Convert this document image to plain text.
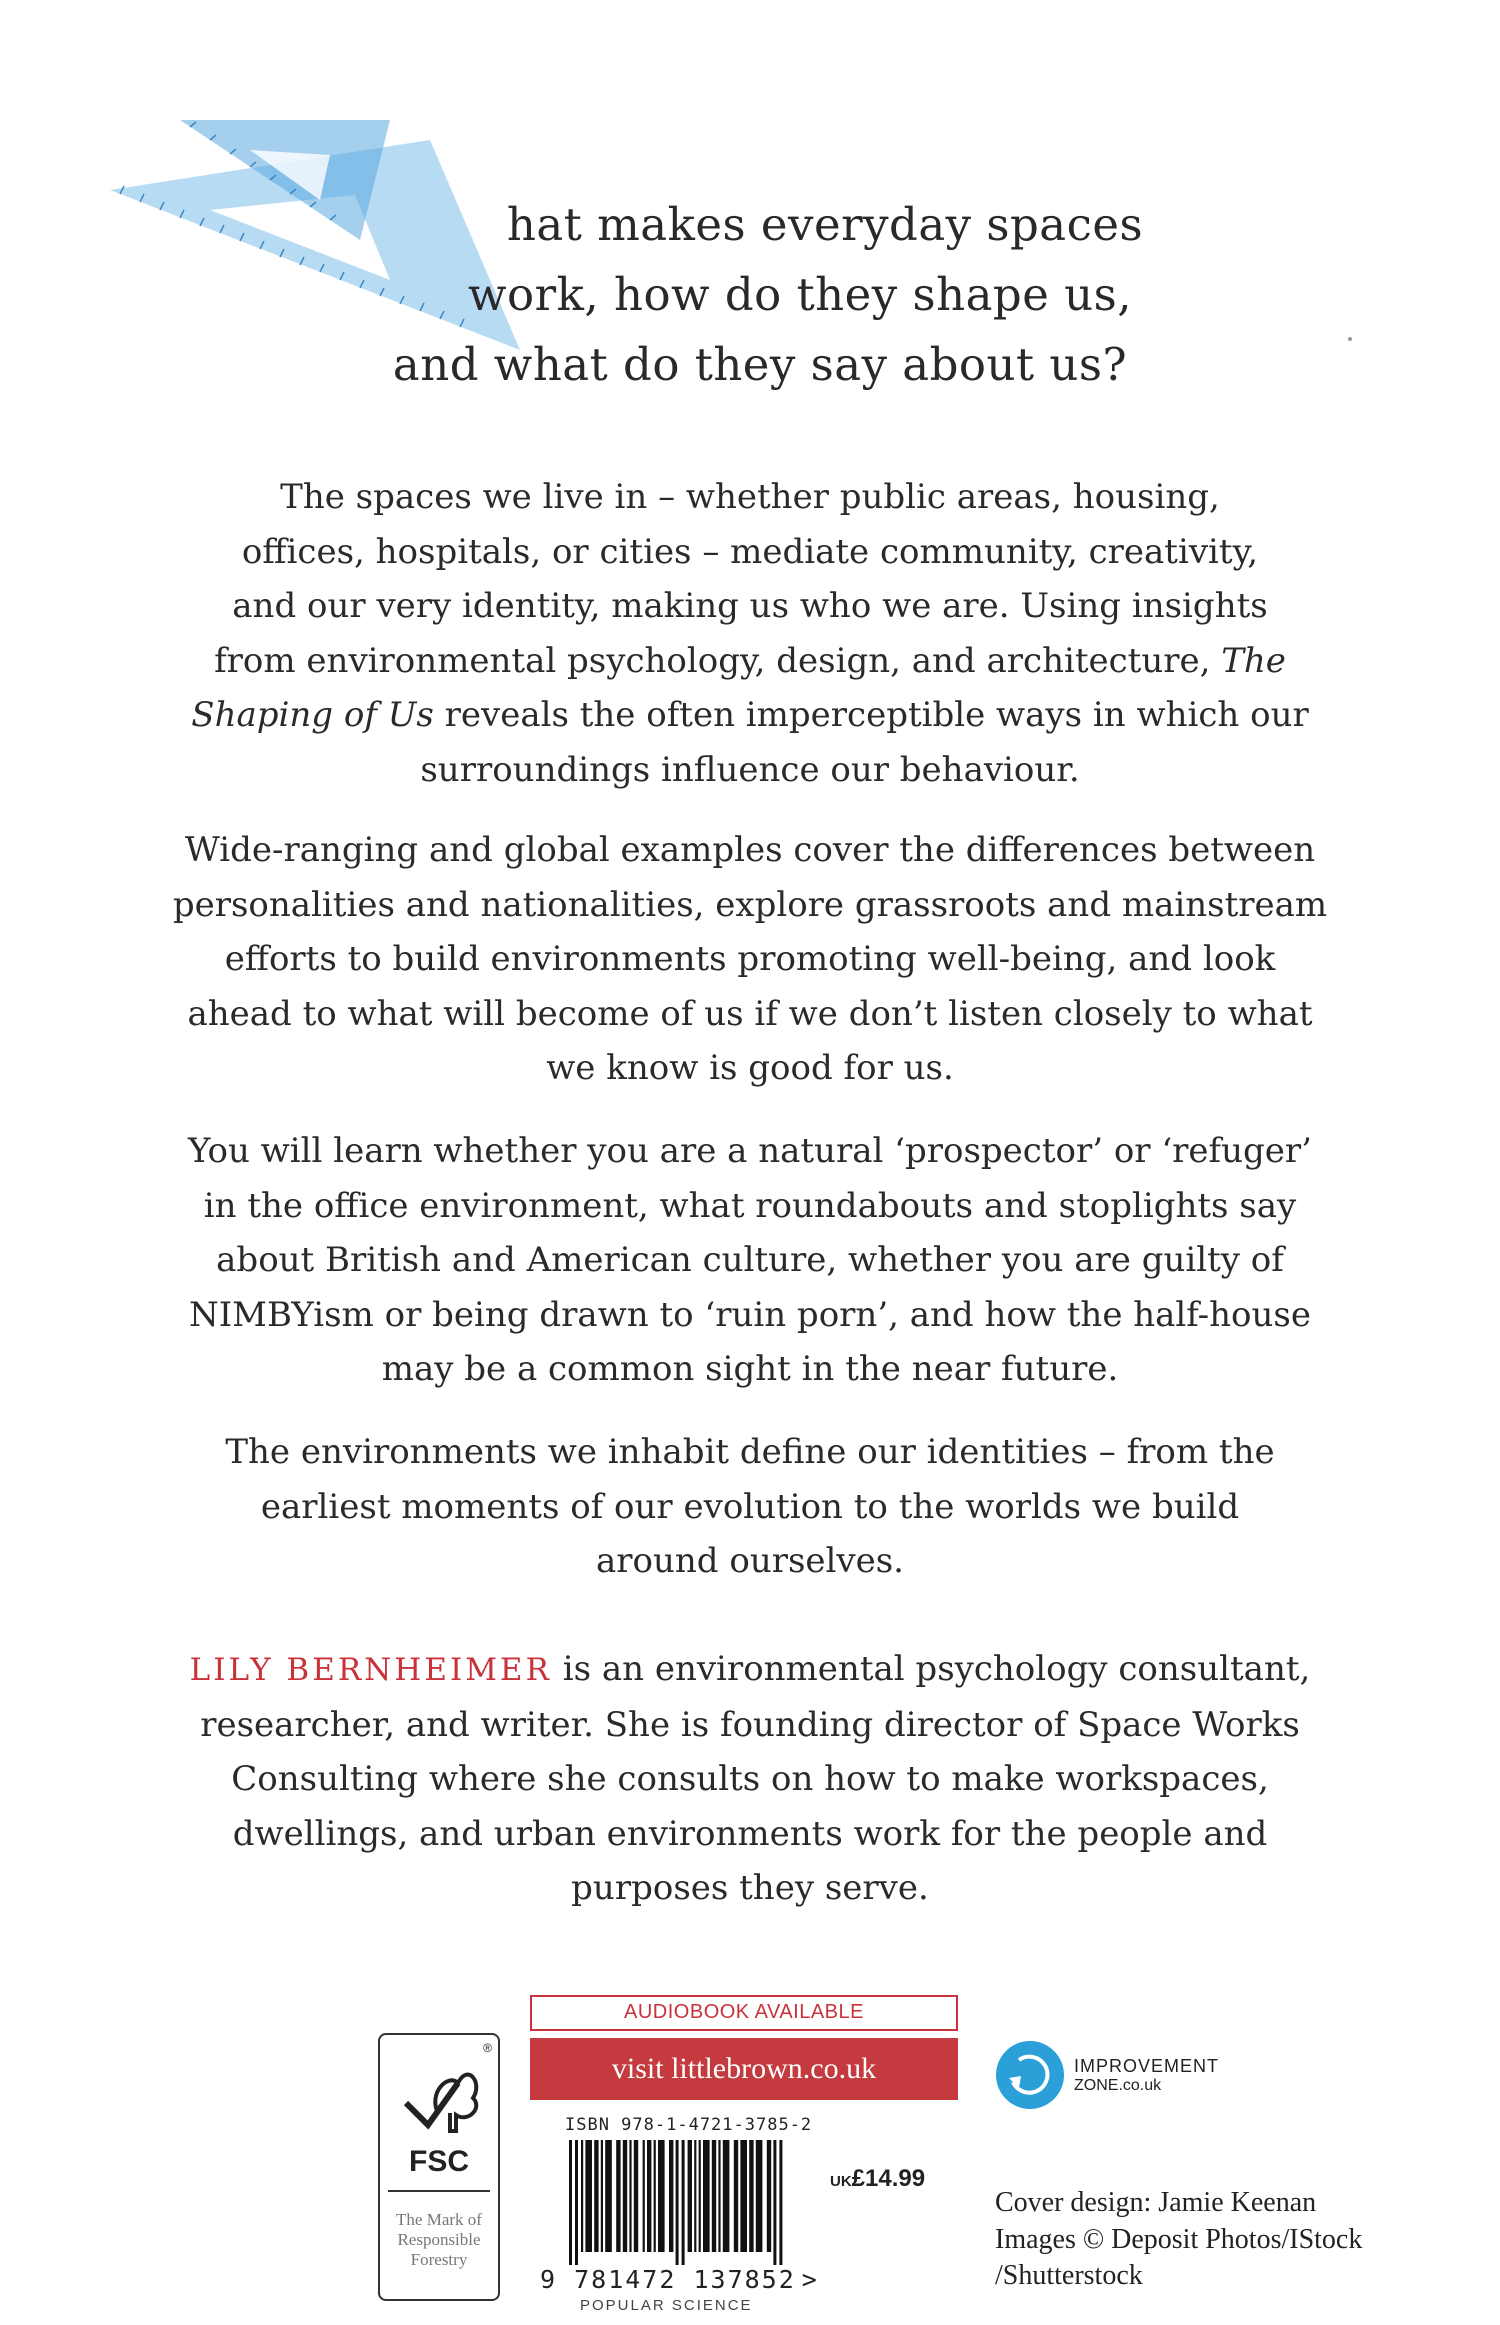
hat makes everyday spaces
work, how do they shape us,
and what do they say about us?
The spaces we live in – whether public areas, housing,
offices, hospitals, or cities – mediate community, creativity,
and our very identity, making us who we are. Using insights
from environmental psychology, design, and architecture, The
Shaping of Us reveals the often imperceptible ways in which our
surroundings influence our behaviour.
Wide-ranging and global examples cover the differences between
personalities and nationalities, explore grassroots and mainstream
efforts to build environments promoting well-being, and look
ahead to what will become of us if we don’t listen closely to what
we know is good for us.
You will learn whether you are a natural ‘prospector’ or ‘refuger’
in the office environment, what roundabouts and stoplights say
about British and American culture, whether you are guilty of
NIMBYism or being drawn to ‘ruin porn’, and how the half-house
may be a common sight in the near future.
The environments we inhabit define our identities – from the
earliest moments of our evolution to the worlds we build
around ourselves.
LILY BERNHEIMER is an environmental psychology consultant,
researcher, and writer. She is founding director of Space Works
Consulting where she consults on how to make workspaces,
dwellings, and urban environments work for the people and
purposes they serve.
®
FSC
The Mark of
Responsible
Forestry
AUDIOBOOK AVAILABLE
visit littlebrown.co.uk
ISBN 978-1-4721-3785-2
UK£14.99
9 781472 137852 >
POPULAR SCIENCE
IMPROVEMENT
ZONE.co.uk
Cover design: Jamie Keenan
Images © Deposit Photos/IStock
/Shutterstock
